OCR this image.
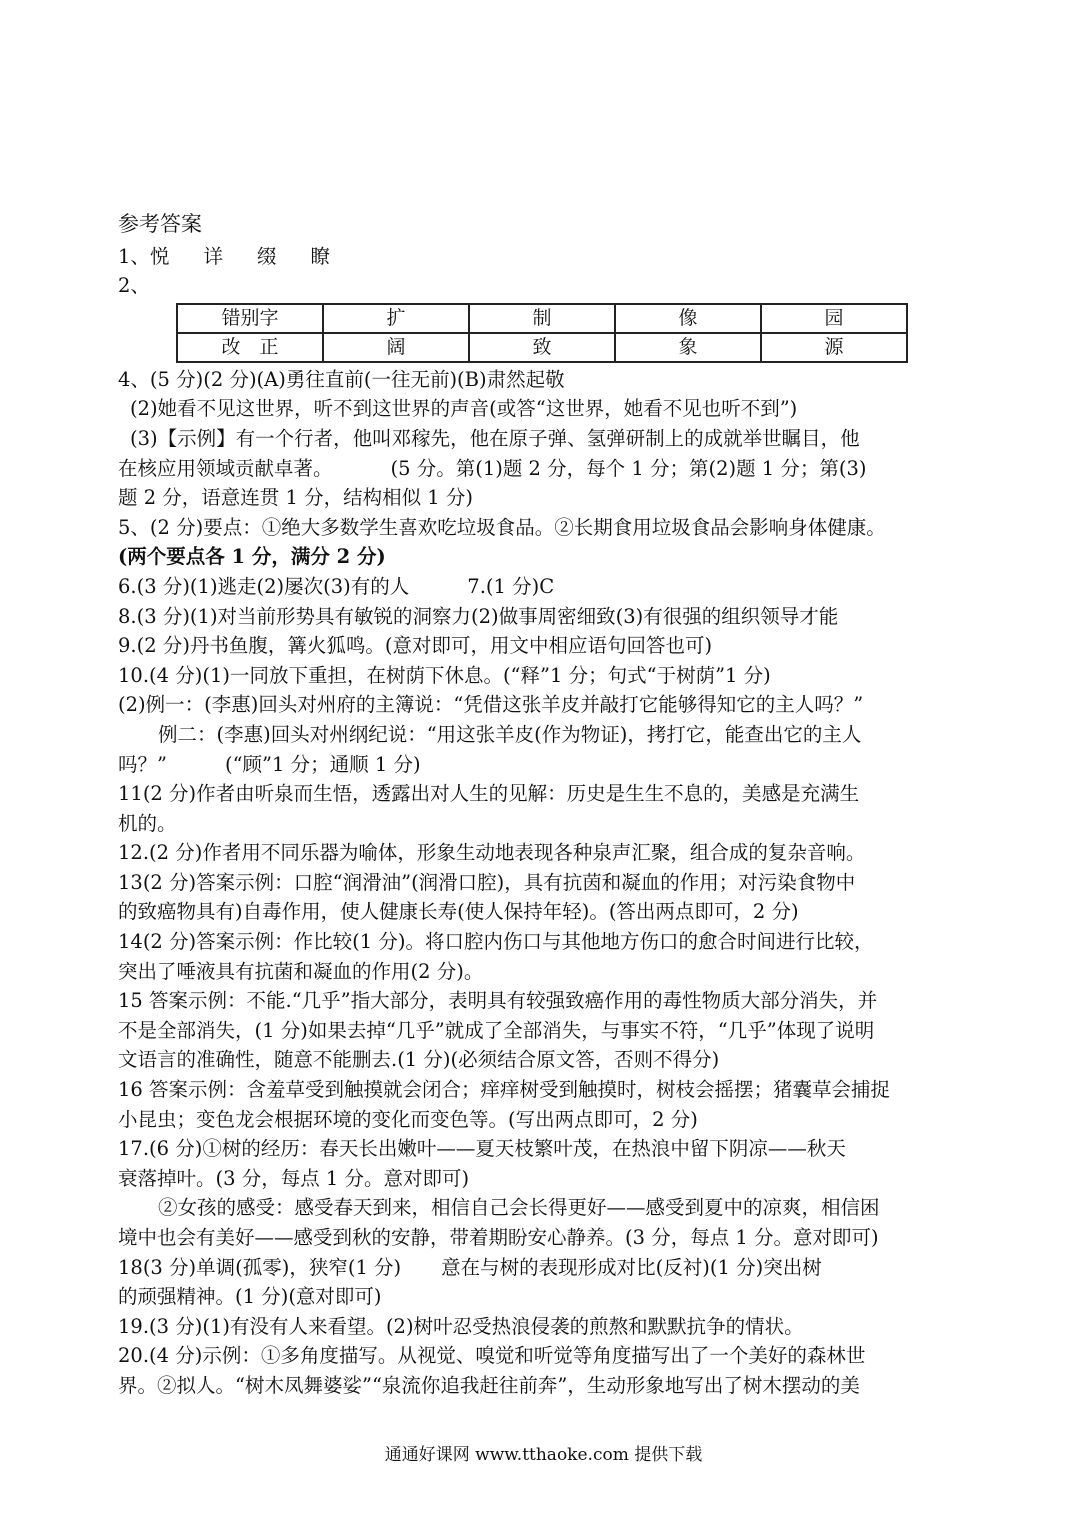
参考答案
1、悦 详 缀 瞭
2、
错别字	扩	制	像	园
改　正	阔	致	象	源
4、(5 分)(2 分)(A)勇往直前(一往无前)(B)肃然起敬
(2)她看不见这世界，听不到这世界的声音(或答“这世界，她看不见也听不到”)
(3)【示例】有一个行者，他叫邓稼先，他在原子弹、氢弹研制上的成就举世瞩目，他
在核应用领域贡献卓著。	(5 分。第(1)题 2 分，每个 1 分；第(2)题 1 分；第(3)
题 2 分，语意连贯 1 分，结构相似 1 分)
5、(2 分)要点：①绝大多数学生喜欢吃垃圾食品。②长期食用垃圾食品会影响身体健康。
(两个要点各 1 分，满分 2 分)
6.(3 分)(1)逃走(2)屡次(3)有的人	7.(1 分)C
8.(3 分)(1)对当前形势具有敏锐的洞察力(2)做事周密细致(3)有很强的组织领导才能
9.(2 分)丹书鱼腹，篝火狐鸣。(意对即可，用文中相应语句回答也可)
10.(4 分)(1)一同放下重担，在树荫下休息。(“释”1 分；句式“于树荫”1 分)
(2)例一：(李惠)回头对州府的主簿说：“凭借这张羊皮并敲打它能够得知它的主人吗？”
例二：(李惠)回头对州纲纪说：“用这张羊皮(作为物证)，拷打它，能查出它的主人
吗？”	(“顾”1 分；通顺 1 分)
11(2 分)作者由听泉而生悟，透露出对人生的见解：历史是生生不息的，美感是充满生
机的。
12.(2 分)作者用不同乐器为喻体，形象生动地表现各种泉声汇聚，组合成的复杂音响。
13(2 分)答案示例：口腔“润滑油”(润滑口腔)，具有抗茵和凝血的作用；对污染食物中
的致癌物具有)自毒作用，使人健康长寿(使人保持年轻)。(答出两点即可，2 分)
14(2 分)答案示例：作比较(1 分)。将口腔内伤口与其他地方伤口的愈合时间进行比较，
突出了唾液具有抗菌和凝血的作用(2 分)。
15 答案示例：不能.“几乎”指大部分，表明具有较强致癌作用的毒性物质大部分消失，并
不是全部消失，(1 分)如果去掉“几乎”就成了全部消失，与事实不符，“几乎”体现了说明
文语言的准确性，随意不能删去.(1 分)(必须结合原文答，否则不得分)
16 答案示例：含羞草受到触摸就会闭合；痒痒树受到触摸时，树枝会摇摆；猪囊草会捕捉
小昆虫；变色龙会根据环境的变化而变色等。(写出两点即可，2 分)
17.(6 分)①树的经历：春天长出嫩叶——夏天枝繁叶茂，在热浪中留下阴凉——秋天
衰落掉叶。(3 分，每点 1 分。意对即可)
②女孩的感受：感受春天到来，相信自己会长得更好——感受到夏中的凉爽，相信困
境中也会有美好——感受到秋的安静，带着期盼安心静养。(3 分，每点 1 分。意对即可)
18(3 分)单调(孤零)，狭窄(1 分) 意在与树的表现形成对比(反衬)(1 分)突出树
的顽强精神。(1 分)(意对即可)
19.(3 分)(1)有没有人来看望。(2)树叶忍受热浪侵袭的煎熬和默默抗争的情状。
20.(4 分)示例：①多角度描写。从视觉、嗅觉和听觉等角度描写出了一个美好的森林世
界。②拟人。“树木凤舞婆娑”“泉流你追我赶往前奔”，生动形象地写出了树木摆动的美
通通好课网 www.tthaoke.com 提供下载
